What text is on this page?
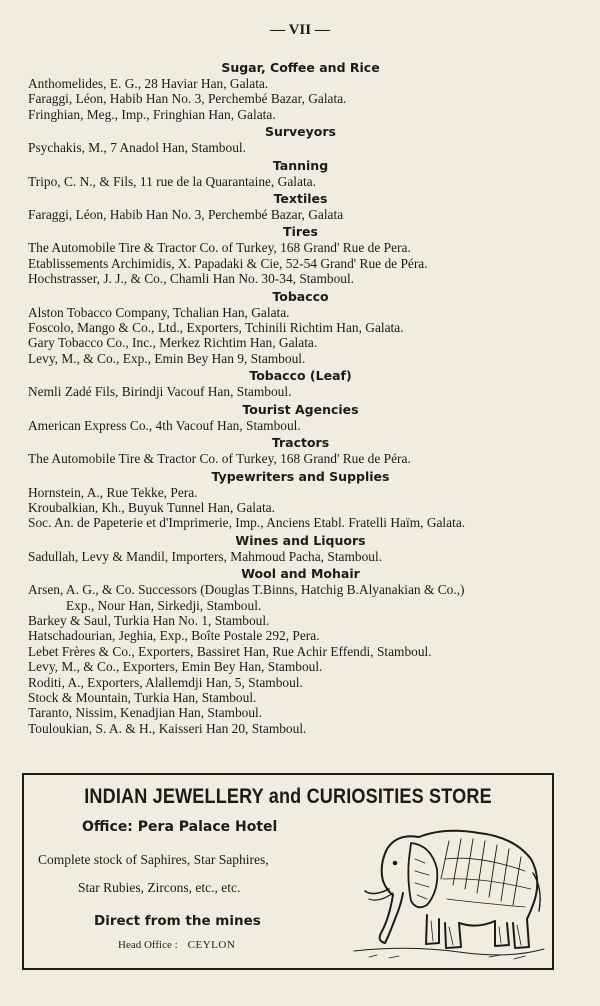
— VII —
Sugar, Coffee and Rice
Anthomelides, E. G., 28 Haviar Han, Galata.
Faraggi, Léon, Habib Han No. 3, Perchembé Bazar, Galata.
Fringhian, Meg., Imp., Fringhian Han, Galata.
Surveyors
Psychakis, M., 7 Anadol Han, Stamboul.
Tanning
Tripo, C. N., & Fils, 11 rue de la Quarantaine, Galata.
Textiles
Faraggi, Léon, Habib Han No. 3, Perchembé Bazar, Galata
Tires
The Automobile Tire & Tractor Co. of Turkey, 168 Grand' Rue de Pera.
Etablissements Archimidis, X. Papadaki & Cie, 52-54 Grand' Rue de Péra.
Hochstrasser, J. J., & Co., Chamli Han No. 30-34, Stamboul.
Tobacco
Alston Tobacco Company, Tchalian Han, Galata.
Foscolo, Mango & Co., Ltd., Exporters, Tchinili Richtim Han, Galata.
Gary Tobacco Co., Inc., Merkez Richtim Han, Galata.
Levy, M., & Co., Exp., Emin Bey Han 9, Stamboul.
Tobacco (Leaf)
Nemli Zadé Fils, Birindji Vacouf Han, Stamboul.
Tourist Agencies
American Express Co., 4th Vacouf Han, Stamboul.
Tractors
The Automobile Tire & Tractor Co. of Turkey, 168 Grand' Rue de Péra.
Typewriters and Supplies
Hornstein, A., Rue Tekke, Pera.
Kroubalkian, Kh., Buyuk Tunnel Han, Galata.
Soc. An. de Papeterie et d'Imprimerie, Imp., Anciens Etabl. Fratelli Haïm, Galata.
Wines and Liquors
Sadullah, Levy & Mandil, Importers, Mahmoud Pacha, Stamboul.
Wool and Mohair
Arsen, A. G., & Co. Successors (Douglas T.Binns, Hatchig B.Alyanakian & Co.,)
Exp., Nour Han, Sirkedji, Stamboul.
Barkey & Saul, Turkia Han No. 1, Stamboul.
Hatschadourian, Jeghia, Exp., Boîte Postale 292, Pera.
Lebet Frères & Co., Exporters, Bassiret Han, Rue Achir Effendi, Stamboul.
Levy, M., & Co., Exporters, Emin Bey Han, Stamboul.
Roditi, A., Exporters, Alallemdji Han, 5, Stamboul.
Stock & Mountain, Turkia Han, Stamboul.
Taranto, Nissim, Kenadjian Han, Stamboul.
Touloukian, S. A. & H., Kaisseri Han 20, Stamboul.
INDIAN JEWELLERY and CURIOSITIES STORE
Office: Pera Palace Hotel
Complete stock of Saphires, Star Saphires,
Star Rubies, Zircons, etc., etc.
Direct from the mines
Head Office : CEYLON
